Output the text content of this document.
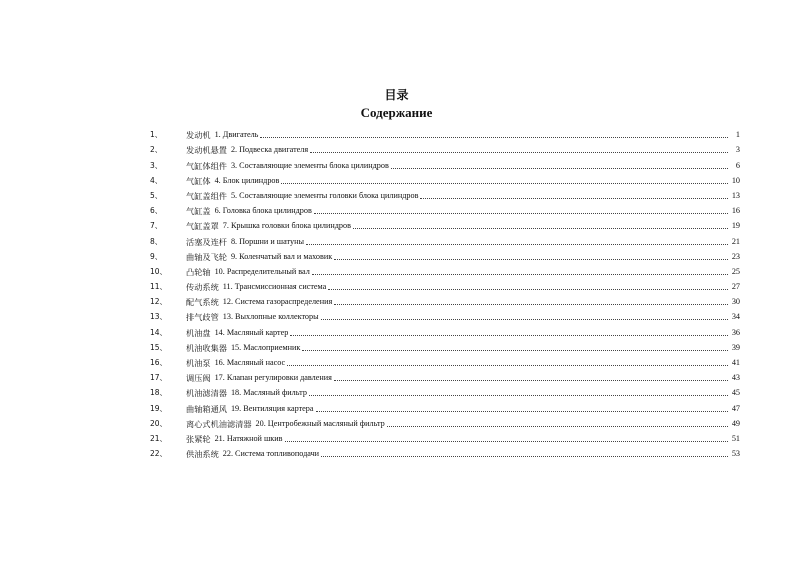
目录
Содержание
1、	发动机 1. Двигатель	1
2、	发动机悬置 2. Подвеска двигателя	3
3、	气缸体组件 3. Составляющие элементы блока цилиндров	6
4、	气缸体 4. Блок цилиндров	10
5、	气缸盖组件 5. Составляющие элементы головки блока цилиндров	13
6、	气缸盖 6. Головка блока цилиндров	16
7、	气缸盖罩 7. Крышка головки блока цилиндров	19
8、	活塞及连杆 8. Поршни и шатуны	21
9、	曲轴及飞轮 9. Коленчатый вал и маховик	23
10、	凸轮轴 10. Распределительный вал	25
11、	传动系统 11. Трансмиссионная система	27
12、	配气系统 12. Система газораспределения	30
13、	排气歧管 13. Выхлопные коллекторы	34
14、	机油盘 14. Масляный картер	36
15、	机油收集器 15. Маслоприемник	39
16、	机油泵 16. Масляный насос	41
17、	调压阀 17. Клапан регулировки давления	43
18、	机油滤清器 18. Масляный фильтр	45
19、	曲轴箱通风 19. Вентиляция картера	47
20、	离心式机油滤清器 20. Центробежный масляный фильтр	49
21、	张紧轮 21. Натяжной шкив	51
22、	供油系统 22. Система топливоподачи	53
